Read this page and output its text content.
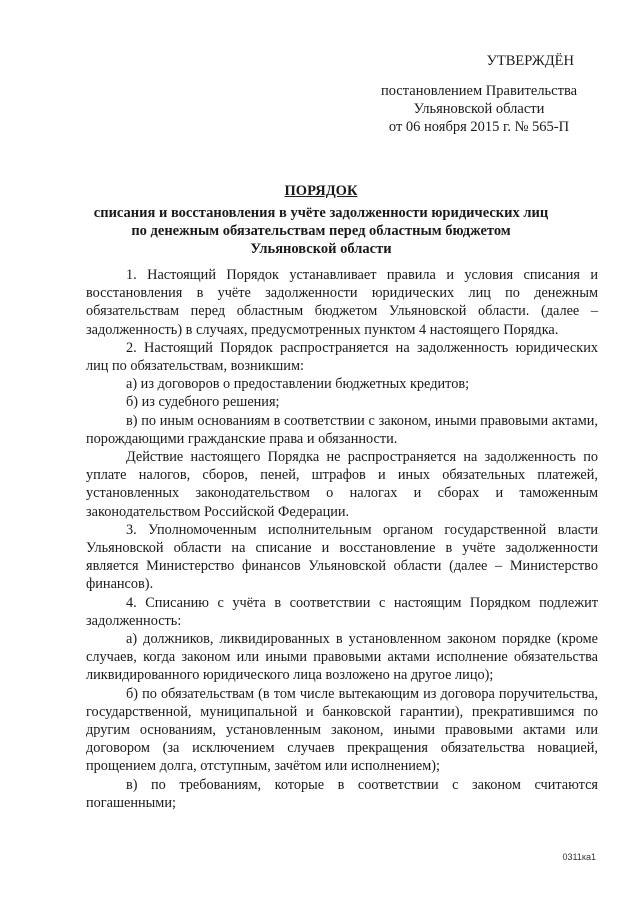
УТВЕРЖДЁН
постановлением Правительства
Ульяновской области
от 06 ноября 2015 г. № 565-П
ПОРЯДОК
списания и восстановления в учёте задолженности юридических лиц
по денежным обязательствам перед областным бюджетом
Ульяновской области

1. Настоящий Порядок устанавливает правила и условия списания и восстановления в учёте задолженности юридических лиц по денежным обязательствам перед областным бюджетом Ульяновской области. (далее – задолженность) в случаях, предусмотренных пунктом 4 настоящего Порядка.

2. Настоящий Порядок распространяется на задолженность юридических лиц по обязательствам, возникшим:

а) из договоров о предоставлении бюджетных кредитов;

б) из судебного решения;

в) по иным основаниям в соответствии с законом, иными правовыми актами, порождающими гражданские права и обязанности.

Действие настоящего Порядка не распространяется на задолженность по уплате налогов, сборов, пеней, штрафов и иных обязательных платежей, установленных законодательством о налогах и сборах и таможенным законодательством Российской Федерации.

3. Уполномоченным исполнительным органом государственной власти Ульяновской области на списание и восстановление в учёте задолженности является Министерство финансов Ульяновской области (далее – Министерство финансов).

4. Списанию с учёта в соответствии с настоящим Порядком подлежит задолженность:

а) должников, ликвидированных в установленном законом порядке (кроме случаев, когда законом или иными правовыми актами исполнение обязательства ликвидированного юридического лица возложено на другое лицо);

б) по обязательствам (в том числе вытекающим из договора поручительства, государственной, муниципальной и банковской гарантии), прекратившимся по другим основаниям, установленным законом, иными правовыми актами или договором (за исключением случаев прекращения обязательства новацией, прощением долга, отступным, зачётом или исполнением);

в) по требованиям, которые в соответствии с законом считаются погашенными;

0311ка1
